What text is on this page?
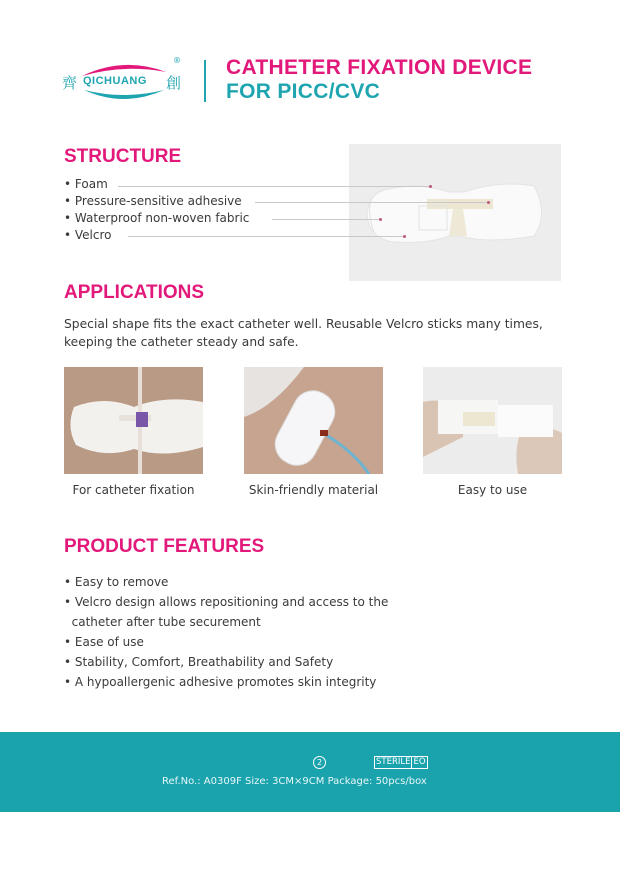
齊 QICHUANG 創
® CATHETER FIXATION DEVICE
FOR PICC/CVC
STRUCTURE
• Foam
• Pressure-sensitive adhesive
• Waterproof non-woven fabric
• Velcro
APPLICATIONS
Special shape fits the exact catheter well. Reusable Velcro sticks many times, keeping the catheter steady and safe.
For catheter fixation	Skin-friendly material	Easy to use
PRODUCT FEATURES
• Easy to remove
• Velcro design allows repositioning and access to the
catheter after tube securement
• Ease of use
• Stability, Comfort, Breathability and Safety
• A hypoallergenic adhesive promotes skin integrity
2	STERILE EO
Ref.No.: A0309F Size: 3CM×9CM Package: 50pcs/box
